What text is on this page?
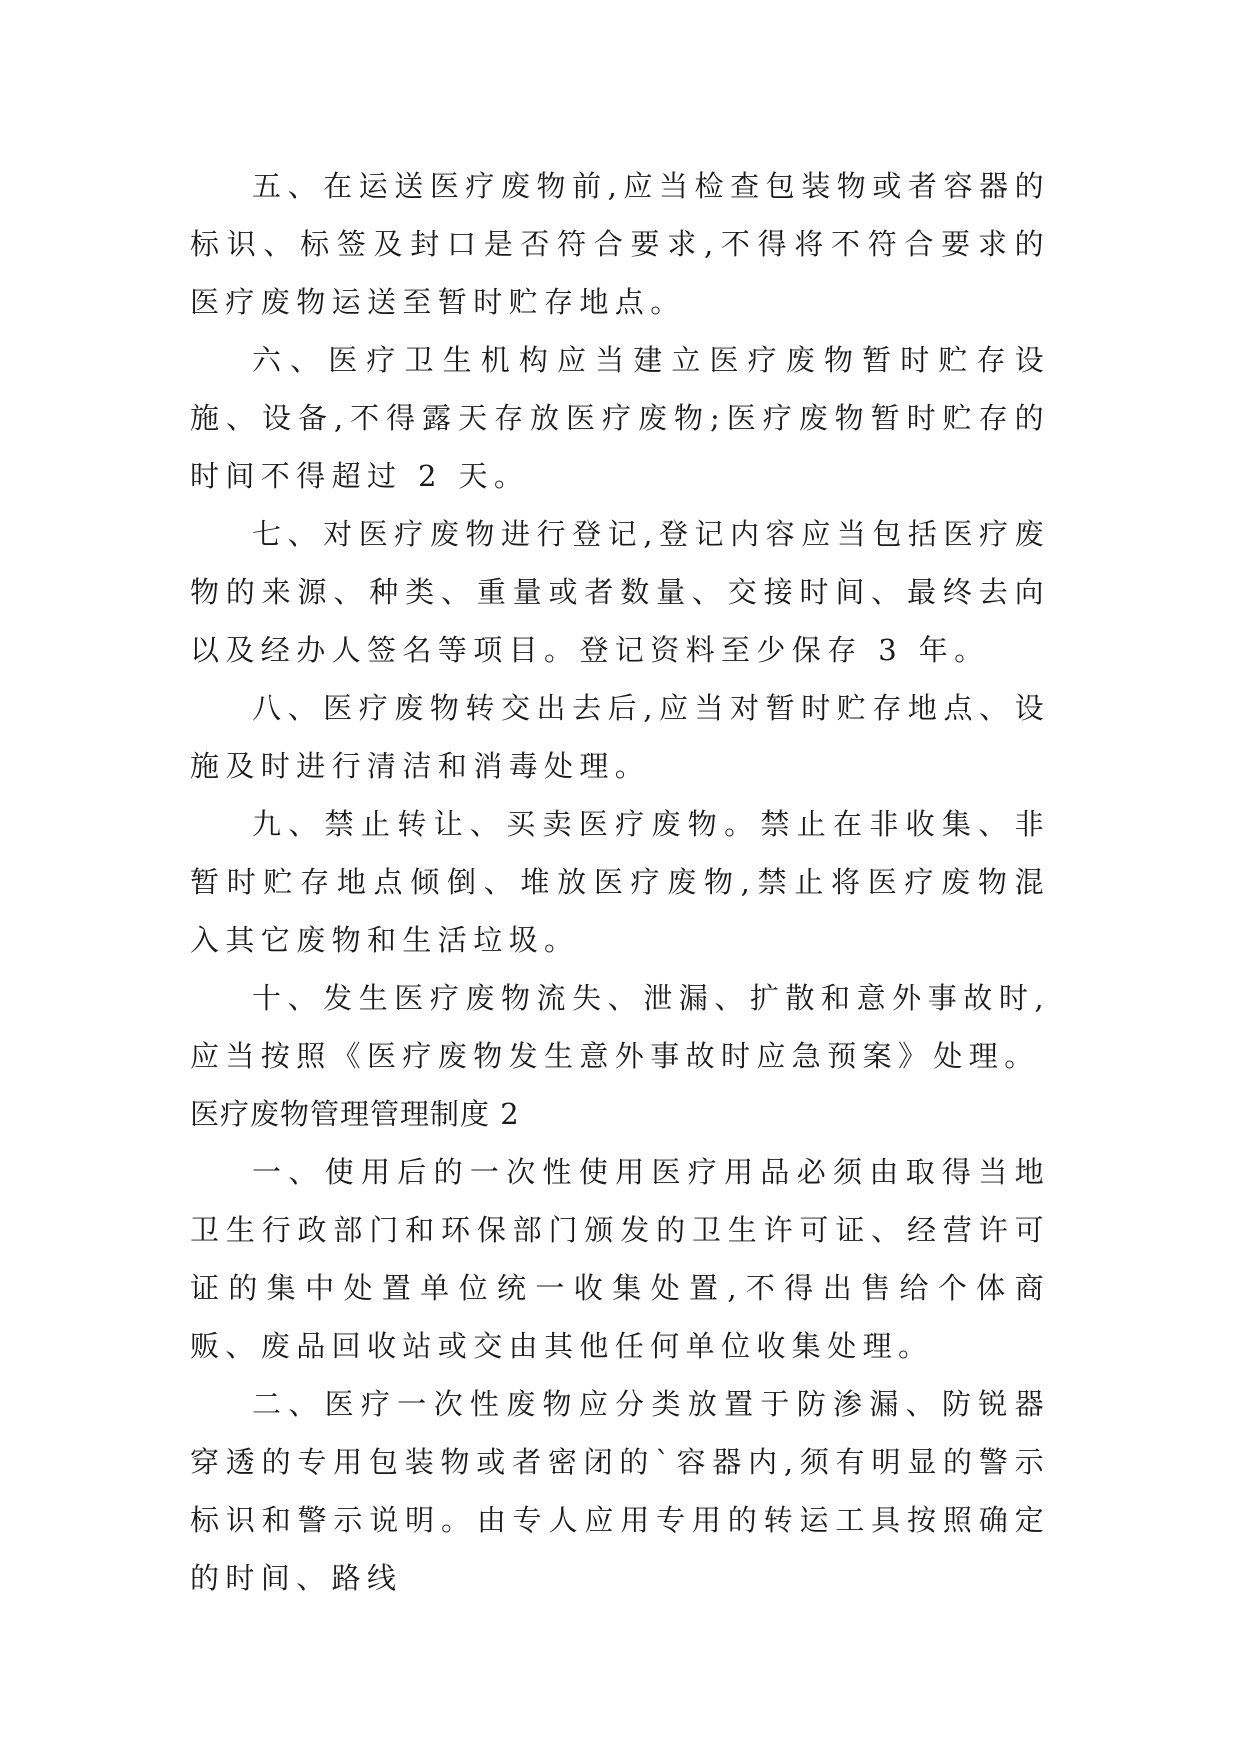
五、在运送医疗废物前,应当检查包装物或者容器的标识、标签及封口是否符合要求,不得将不符合要求的医疗废物运送至暂时贮存地点。

六、医疗卫生机构应当建立医疗废物暂时贮存设施、设备,不得露天存放医疗废物;医疗废物暂时贮存的时间不得超过 2 天。

七、对医疗废物进行登记,登记内容应当包括医疗废物的来源、种类、重量或者数量、交接时间、最终去向以及经办人签名等项目。登记资料至少保存 3 年。

八、医疗废物转交出去后,应当对暂时贮存地点、设施及时进行清洁和消毒处理。

九、禁止转让、买卖医疗废物。禁止在非收集、非暂时贮存地点倾倒、堆放医疗废物,禁止将医疗废物混入其它废物和生活垃圾。

十、发生医疗废物流失、泄漏、扩散和意外事故时,应当按照《医疗废物发生意外事故时应急预案》处理。

医疗废物管理管理制度 2

一、使用后的一次性使用医疗用品必须由取得当地卫生行政部门和环保部门颁发的卫生许可证、经营许可证的集中处置单位统一收集处置,不得出售给个体商贩、废品回收站或交由其他任何单位收集处理。

二、医疗一次性废物应分类放置于防渗漏、防锐器穿透的专用包装物或者密闭的`容器内,须有明显的警示标识和警示说明。由专人应用专用的转运工具按照确定的时间、路线
